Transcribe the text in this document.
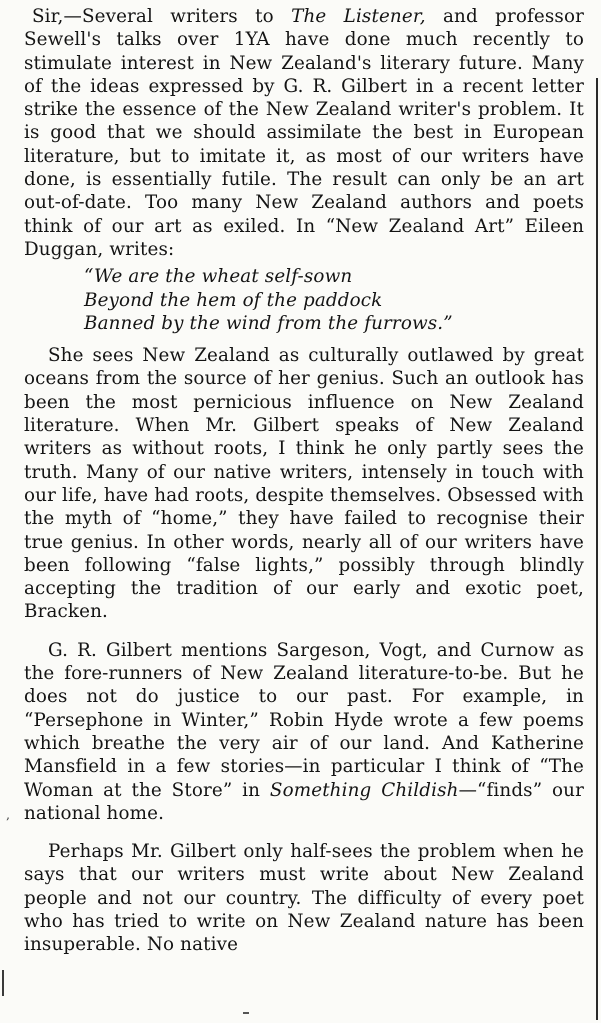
Sir,—Several writers to The Listener, and professor Sewell's talks over 1YA have done much recently to stimulate interest in New Zealand's literary future. Many of the ideas expressed by G. R. Gilbert in a recent letter strike the essence of the New Zealand writer's problem. It is good that we should assimilate the best in European literature, but to imitate it, as most of our writers have done, is essentially futile. The result can only be an art out-of-date. Too many New Zealand authors and poets think of our art as exiled. In “New Zealand Art” Eileen Duggan, writes:

“We are the wheat self-sown
Beyond the hem of the paddock
Banned by the wind from the furrows.”

She sees New Zealand as culturally outlawed by great oceans from the source of her genius. Such an outlook has been the most pernicious influence on New Zealand literature. When Mr. Gilbert speaks of New Zealand writers as without roots, I think he only partly sees the truth. Many of our native writers, intensely in touch with our life, have had roots, despite themselves. Obsessed with the myth of “home,” they have failed to recognise their true genius. In other words, nearly all of our writers have been following “false lights,” possibly through blindly accepting the tradition of our early and exotic poet, Bracken.

G. R. Gilbert mentions Sargeson, Vogt, and Curnow as the fore-runners of New Zealand literature-to-be. But he does not do justice to our past. For example, in “Persephone in Winter,” Robin Hyde wrote a few poems which breathe the very air of our land. And Katherine Mansfield in a few stories—in particular I think of “The Woman at the Store” in Something Childish—“finds” our national home.

Perhaps Mr. Gilbert only half-sees the problem when he says that our writers must write about New Zealand people and not our country. The difficulty of every poet who has tried to write on New Zealand nature has been insuperable. No native

‚
